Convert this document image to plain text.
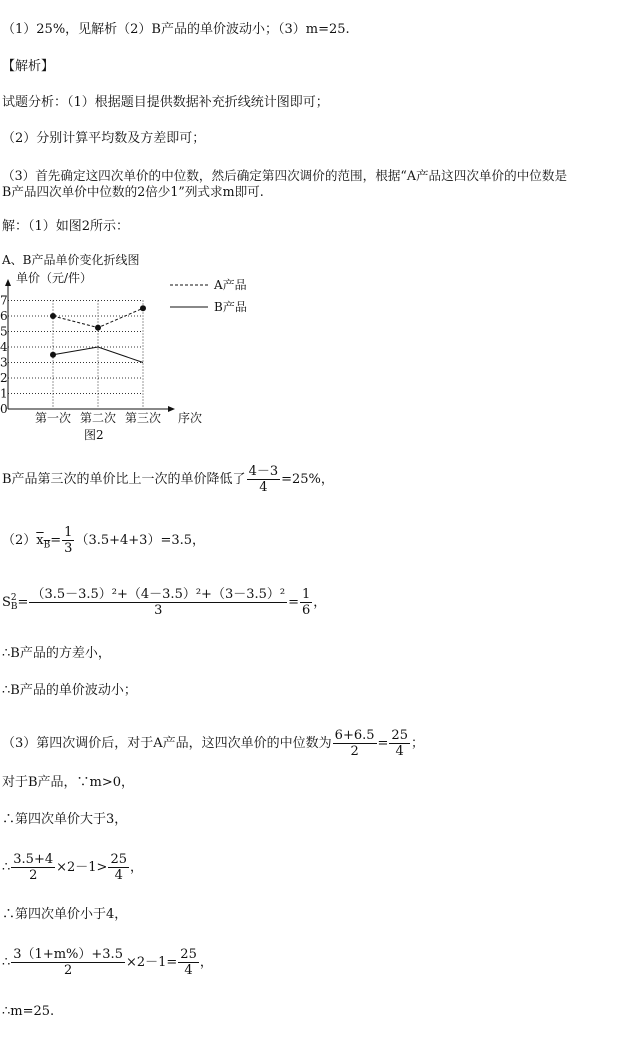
（1）25%，见解析（2）B产品的单价波动小；（3）m=25.
【解析】
试题分析：（1）根据题目提供数据补充折线统计图即可；
（2）分别计算平均数及方差即可；
（3）首先确定这四次单价的中位数，然后确定第四次调价的范围，根据“A产品这四次单价的中位数是
B产品四次单价中位数的2倍少1”列式求m即可.
解：（1）如图2所示：
A、B产品单价变化折线图
单价（元/件）
0
1
2
3
4
5
6
7
第一次 第二次 第三次 序次
图2
A产品
B产品
B产品第三次的单价比上一次的单价降低了 $\frac{4-3}{4} =25\%$，
$(2)x_B= \frac{1}{3} (3.5+4+3)=3.5$，
S 2
$B = \frac{\text{（3.5－3.5）²+（4－3.5）²+（3－3.5）²}}{3} = \frac{1}{6}$ ，
∴B产品的方差小，
∴B产品的单价波动小；
（3）第四次调价后，对于A产品，这四次单价的中位数为 $\frac{6+6.5}{2} = \frac{25}{4}$ ；
对于B产品，∵m>0，
∴第四次单价大于3，
∴ $\frac{3.5+4}{2} \times 2-1> \frac{25}{4}$ ，
∴第四次单价小于4，
∴ $\frac{3(1+m\%)+3.5}{2} \times 2-1= \frac{25}{4}$ ，
∴m=25.
